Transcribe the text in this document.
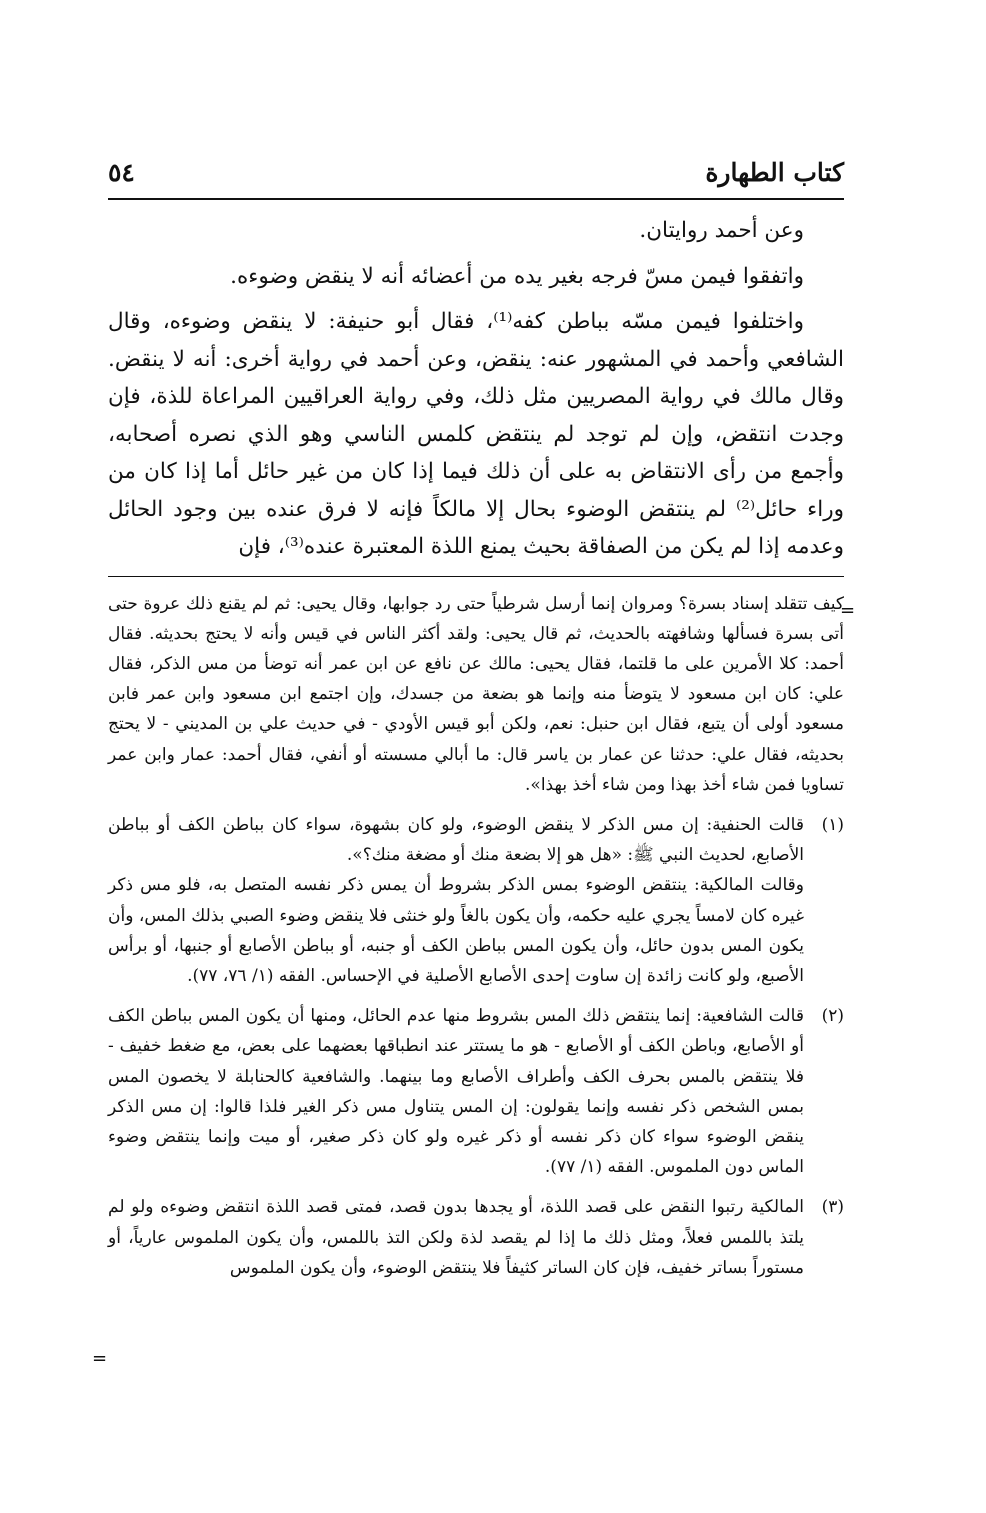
=
=
كتاب الطهارة
٥٤

وعن أحمد روايتان.

واتفقوا فيمن مسّ فرجه بغير يده من أعضائه أنه لا ينقض وضوءه.

واختلفوا فيمن مسّه بباطن كفه⁽¹⁾، فقال أبو حنيفة: لا ينقض وضوءه، وقال الشافعي وأحمد في المشهور عنه: ينقض، وعن أحمد في رواية أخرى: أنه لا ينقض. وقال مالك في رواية المصريين مثل ذلك، وفي رواية العراقيين المراعاة للذة، فإن وجدت انتقض، وإن لم توجد لم ينتقض كلمس الناسي وهو الذي نصره أصحابه، وأجمع من رأى الانتقاض به على أن ذلك فيما إذا كان من غير حائل أما إذا كان من وراء حائل⁽²⁾ لم ينتقض الوضوء بحال إلا مالكاً فإنه لا فرق عنده بين وجود الحائل وعدمه إذا لم يكن من الصفاقة بحيث يمنع اللذة المعتبرة عنده⁽³⁾، فإن

كيف تتقلد إسناد بسرة؟ ومروان إنما أرسل شرطياً حتى رد جوابها، وقال يحيى: ثم لم يقنع ذلك عروة حتى أتى بسرة فسألها وشافهته بالحديث، ثم قال يحيى: ولقد أكثر الناس في قيس وأنه لا يحتج بحديثه. فقال أحمد: كلا الأمرين على ما قلتما، فقال يحيى: مالك عن نافع عن ابن عمر أنه توضأ من مس الذكر، فقال علي: كان ابن مسعود لا يتوضأ منه وإنما هو بضعة من جسدك، وإن اجتمع ابن مسعود وابن عمر فابن مسعود أولى أن يتبع، فقال ابن حنبل: نعم، ولكن أبو قيس الأودي - في حديث علي بن المديني - لا يحتج بحديثه، فقال علي: حدثنا عن عمار بن ياسر قال: ما أبالي مسسته أو أنفي، فقال أحمد: عمار وابن عمر تساويا فمن شاء أخذ بهذا ومن شاء أخذ بهذا».

(١)
قالت الحنفية: إن مس الذكر لا ينقض الوضوء، ولو كان بشهوة، سواء كان بباطن الكف أو بباطن الأصابع، لحديث النبي ﷺ: «هل هو إلا بضعة منك أو مضغة منك؟».
وقالت المالكية: ينتقض الوضوء بمس الذكر بشروط أن يمس ذكر نفسه المتصل به، فلو مس ذكر غيره كان لامساً يجري عليه حكمه، وأن يكون بالغاً ولو خنثى فلا ينقض وضوء الصبي بذلك المس، وأن يكون المس بدون حائل، وأن يكون المس بباطن الكف أو جنبه، أو بباطن الأصابع أو جنبها، أو برأس الأصبع، ولو كانت زائدة إن ساوت إحدى الأصابع الأصلية في الإحساس. الفقه (١/ ٧٦، ٧٧).

(٢)
قالت الشافعية: إنما ينتقض ذلك المس بشروط منها عدم الحائل، ومنها أن يكون المس بباطن الكف أو الأصابع، وباطن الكف أو الأصابع - هو ما يستتر عند انطباقها بعضهما على بعض، مع ضغط خفيف - فلا ينتقض بالمس بحرف الكف وأطراف الأصابع وما بينهما. والشافعية كالحنابلة لا يخصون المس بمس الشخص ذكر نفسه وإنما يقولون: إن المس يتناول مس ذكر الغير فلذا قالوا: إن مس الذكر ينقض الوضوء سواء كان ذكر نفسه أو ذكر غيره ولو كان ذكر صغير، أو ميت وإنما ينتقض وضوء الماس دون الملموس. الفقه (١/ ٧٧).

(٣)
المالكية رتبوا النقض على قصد اللذة، أو يجدها بدون قصد، فمتى قصد اللذة انتقض وضوءه ولو لم يلتذ باللمس فعلاً، ومثل ذلك ما إذا لم يقصد لذة ولكن التذ باللمس، وأن يكون الملموس عارياً، أو مستوراً بساتر خفيف، فإن كان الساتر كثيفاً فلا ينتقض الوضوء، وأن يكون الملموس
